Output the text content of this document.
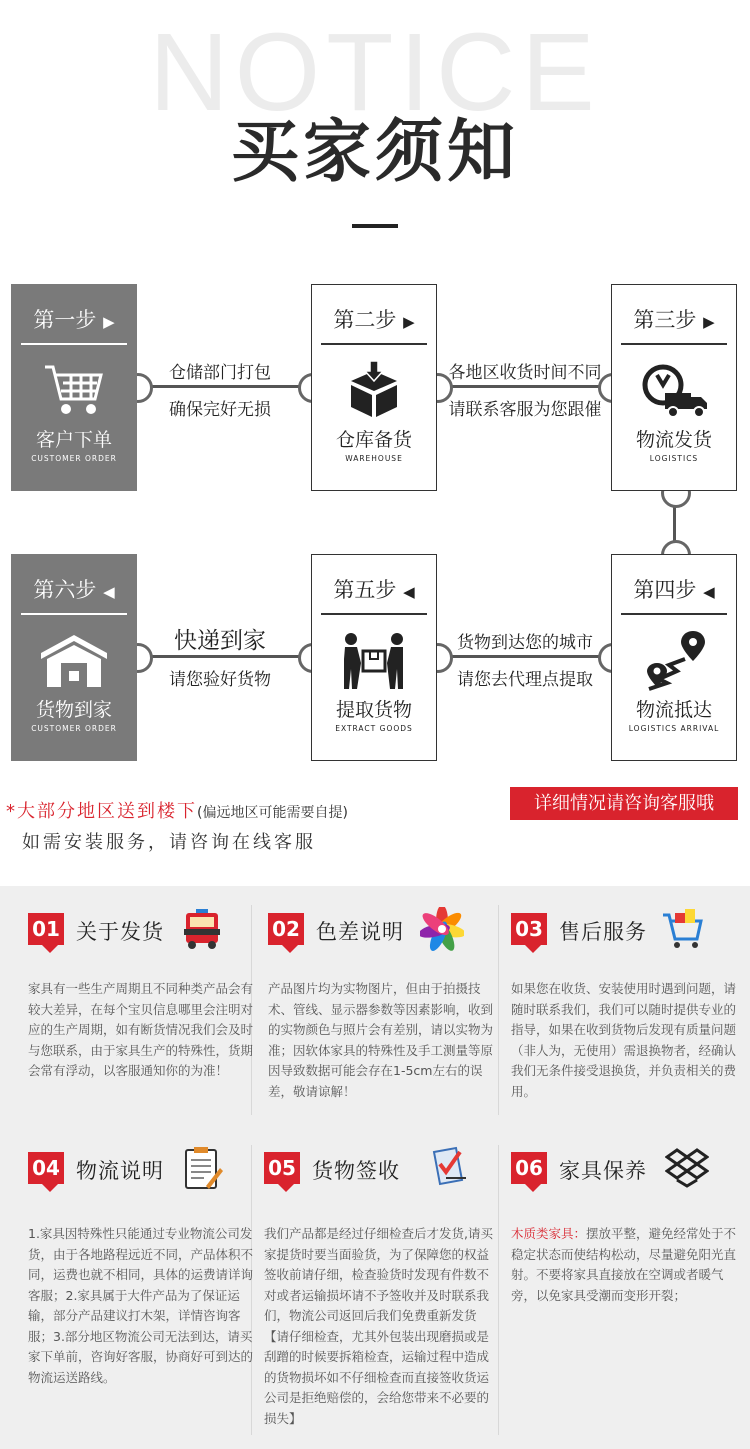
NOTICE
买家须知
仓储部门打包
确保完好无损
各地区收货时间不同
请联系客服为您跟催
快递到家
请您验好货物
货物到达您的城市
请您去代理点提取
第一步 ▶
客户下单
CUSTOMER ORDER
第二步 ▶
仓库备货
WAREHOUSE
第三步 ▶
物流发货
LOGISTICS
第六步 ◀
货物到家
CUSTOMER ORDER
第五步 ◀
提取货物
EXTRACT GOODS
第四步 ◀
物流抵达
LOGISTICS ARRIVAL
*大部分地区送到楼下(偏远地区可能需要自提)
如需安装服务，请咨询在线客服
详细情况请咨询客服哦
01 关于发货
家具有一些生产周期且不同种类产品会有较大差异，在每个宝贝信息哪里会注明对应的生产周期，如有断货情况我们会及时与您联系，由于家具生产的特殊性，货期会常有浮动，以客服通知你的为准！
02 色差说明
产品图片均为实物图片，但由于拍摄技术、管线、显示器参数等因素影响，收到的实物颜色与照片会有差别，请以实物为准；因软体家具的特殊性及手工测量等原因导致数据可能会存在1-5cm左右的误差，敬请谅解！
03 售后服务
如果您在收货、安装使用时遇到问题，请随时联系我们，我们可以随时提供专业的指导，如果在收到货物后发现有质量问题（非人为，无使用）需退换物者，经确认我们无条件接受退换货，并负责相关的费用。
04 物流说明
1.家具因特殊性只能通过专业物流公司发货，由于各地路程远近不同，产品体积不同，运费也就不相同，具体的运费请详询客服；2.家具属于大件产品为了保证运输，部分产品建议打木架，详情咨询客服；3.部分地区物流公司无法到达，请买家下单前，咨询好客服，协商好可到达的物流运送路线。
05 货物签收
我们产品都是经过仔细检查后才发货,请买家提货时要当面验货，为了保障您的权益签收前请仔细，检查验货时发现有件数不对或者运输损坏请不予签收并及时联系我们，物流公司返回后我们免费重新发货【请仔细检查，尤其外包装出现磨损或是刮蹭的时候要拆箱检查，运输过程中造成的货物损坏如不仔细检查而直接签收货运公司是拒绝赔偿的，会给您带来不必要的损失】
06 家具保养
木质类家具：摆放平整，避免经常处于不稳定状态而使结构松动，尽量避免阳光直射。不要将家具直接放在空调或者暖气旁，以免家具受潮而变形开裂；
